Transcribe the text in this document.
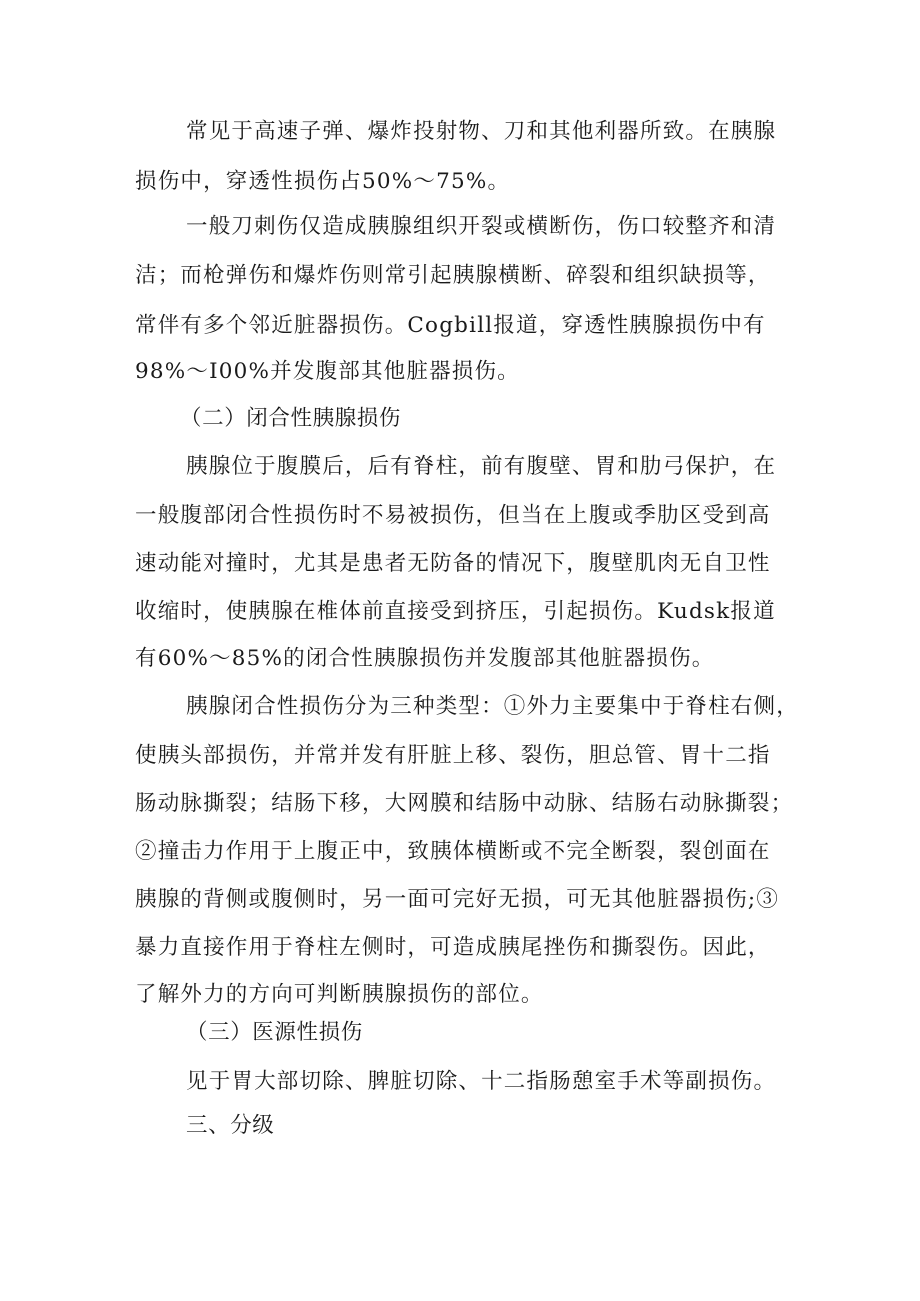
常见于高速子弹、爆炸投射物、刀和其他利器所致。在胰腺
损伤中，穿透性损伤占50%～75%。
一般刀刺伤仅造成胰腺组织开裂或横断伤，伤口较整齐和清
洁；而枪弹伤和爆炸伤则常引起胰腺横断、碎裂和组织缺损等，
常伴有多个邻近脏器损伤。Cogbill报道，穿透性胰腺损伤中有
98%～I00%并发腹部其他脏器损伤。
（二）闭合性胰腺损伤
胰腺位于腹膜后，后有脊柱，前有腹壁、胃和肋弓保护，在
一般腹部闭合性损伤时不易被损伤，但当在上腹或季肋区受到高
速动能对撞时，尤其是患者无防备的情况下，腹壁肌肉无自卫性
收缩时，使胰腺在椎体前直接受到挤压，引起损伤。Kudsk报道
有60%～85%的闭合性胰腺损伤并发腹部其他脏器损伤。
胰腺闭合性损伤分为三种类型：①外力主要集中于脊柱右侧，
使胰头部损伤，并常并发有肝脏上移、裂伤，胆总管、胃十二指
肠动脉撕裂；结肠下移，大网膜和结肠中动脉、结肠右动脉撕裂；
②撞击力作用于上腹正中，致胰体横断或不完全断裂，裂创面在
胰腺的背侧或腹侧时，另一面可完好无损，可无其他脏器损伤;③
暴力直接作用于脊柱左侧时，可造成胰尾挫伤和撕裂伤。因此，
了解外力的方向可判断胰腺损伤的部位。
（三）医源性损伤
见于胃大部切除、脾脏切除、十二指肠憩室手术等副损伤。
三、分级
